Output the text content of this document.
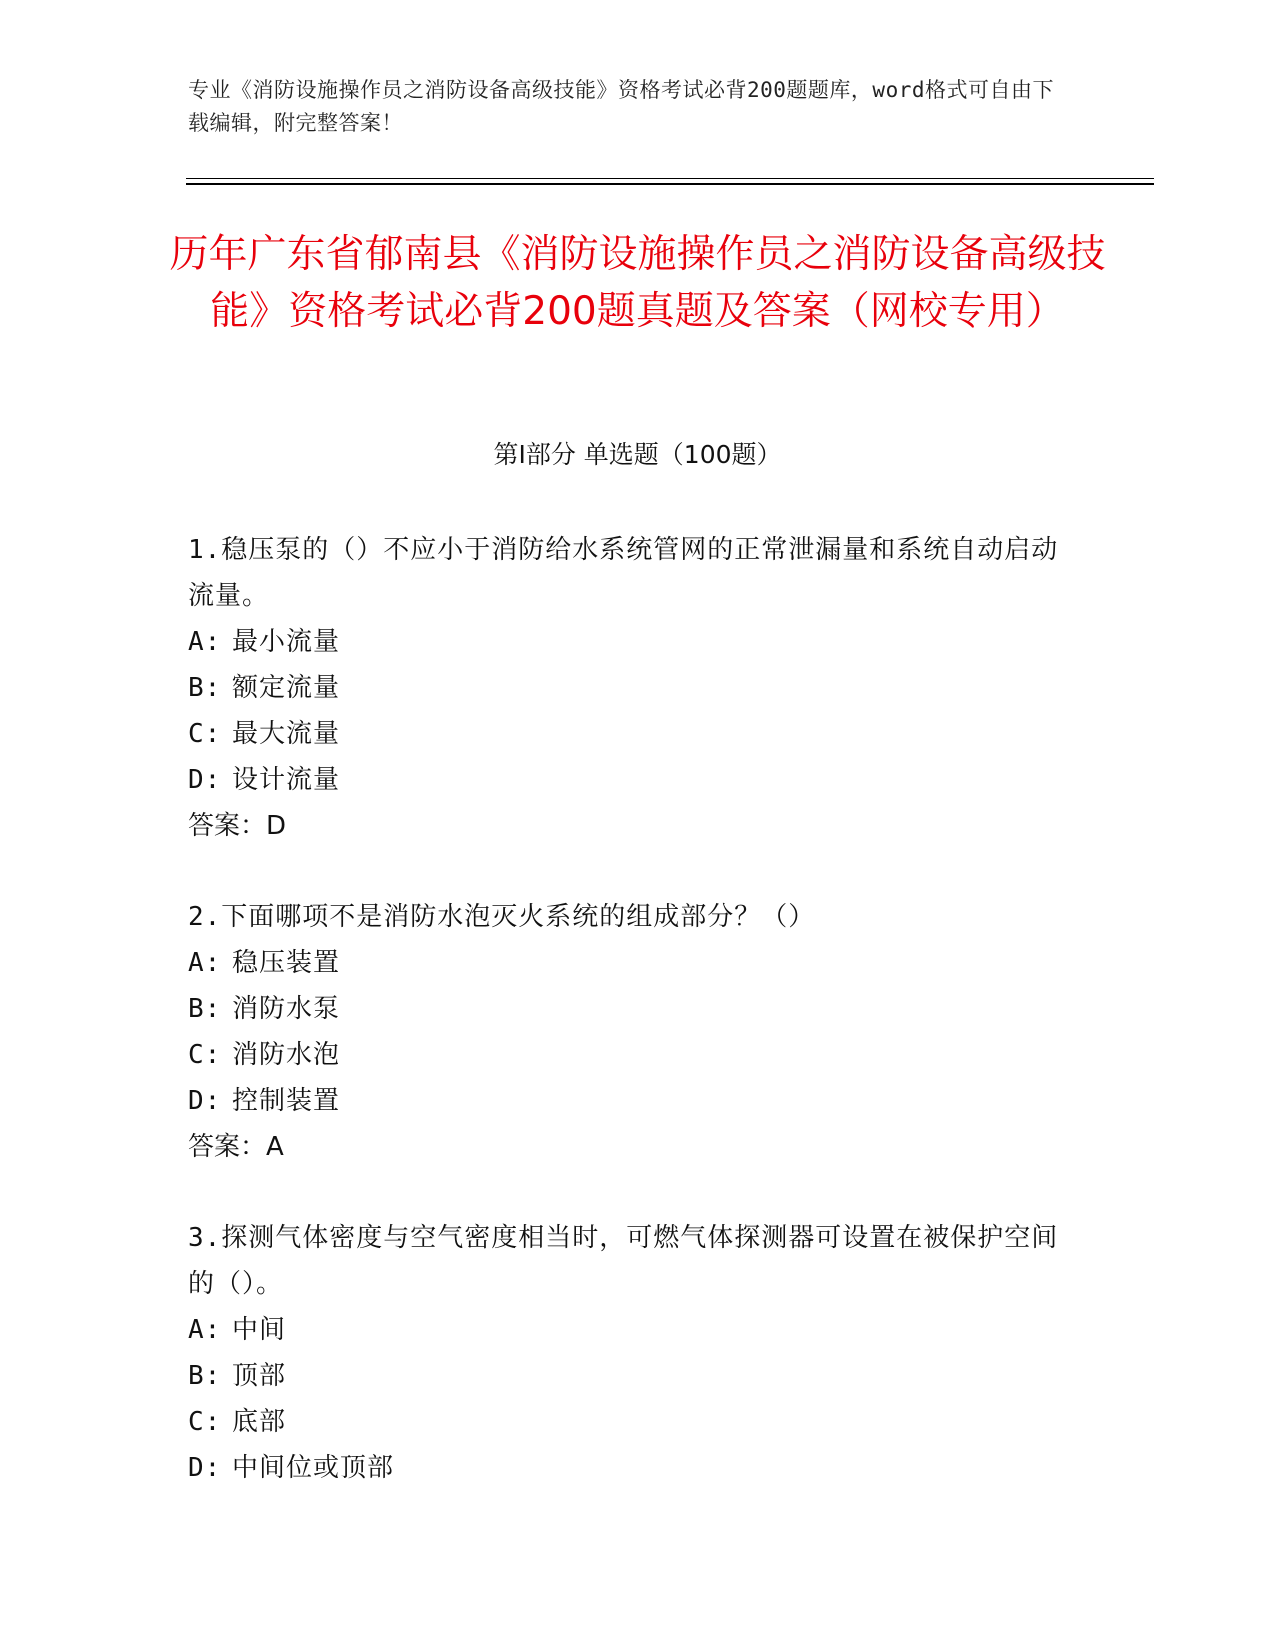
专业《消防设施操作员之消防设备高级技能》资格考试必背200题题库，word格式可自由下载编辑，附完整答案！
历年广东省郁南县《消防设施操作员之消防设备高级技能》资格考试必背200题真题及答案（网校专用）
第Ⅰ部分 单选题（100题）
1.稳压泵的（）不应小于消防给水系统管网的正常泄漏量和系统自动启动流量。
A: 最小流量
B: 额定流量
C: 最大流量
D: 设计流量
答案：D
2.下面哪项不是消防水泡灭火系统的组成部分？（）
A: 稳压装置
B: 消防水泵
C: 消防水泡
D: 控制装置
答案：A
3.探测气体密度与空气密度相当时，可燃气体探测器可设置在被保护空间的（）。
A: 中间
B: 顶部
C: 底部
D: 中间位或顶部
